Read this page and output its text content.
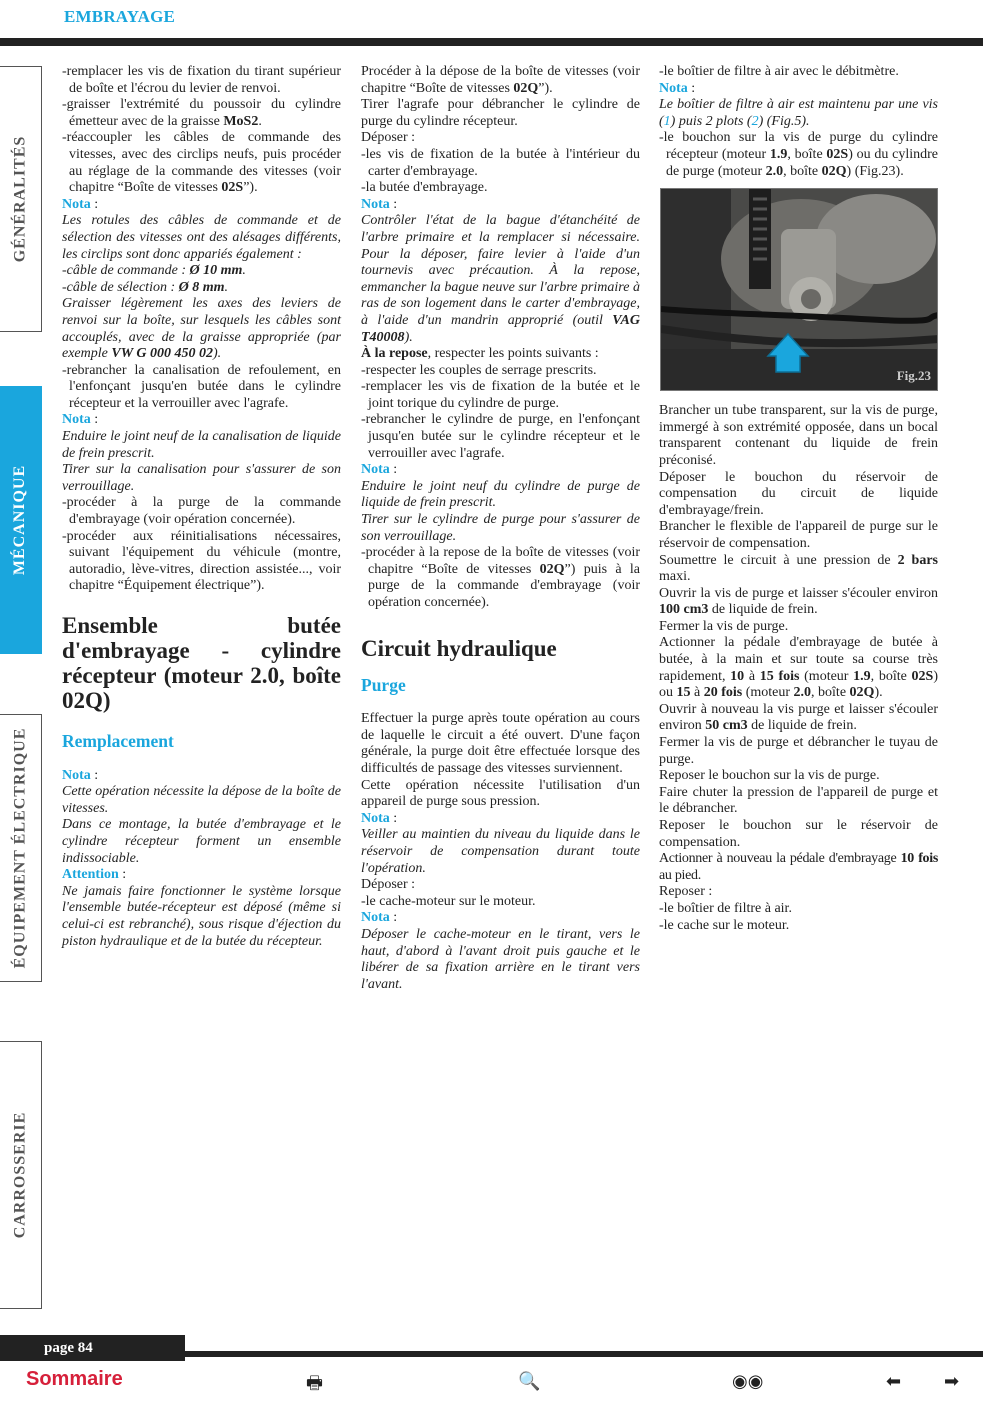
EMBRAYAGE
GÉNÉRALITÉS
MÉCANIQUE
ÉQUIPEMENT ÉLECTRIQUE
CARROSSERIE

-remplacer les vis de fixation du tirant supérieur de boîte et l'écrou du levier de renvoi.

-graisser l'extrémité du poussoir du cylindre émetteur avec de la graisse MoS2.

-réaccoupler les câbles de commande des vitesses, avec des circlips neufs, puis procéder au réglage de la commande des vitesses (voir chapitre “Boîte de vitesses 02S”).

Nota :

Les rotules des câbles de commande et de sélection des vitesses ont des alésages différents, les circlips sont donc appariés également :

-câble de commande : Ø 10 mm.

-câble de sélection : Ø 8 mm.

Graisser légèrement les axes des leviers de renvoi sur la boîte, sur lesquels les câbles sont accouplés, avec de la graisse appropriée (par exemple VW G 000 450 02).

-rebrancher la canalisation de refoulement, en l'enfonçant jusqu'en butée dans le cylindre récepteur et la verrouiller avec l'agrafe.

Nota :

Enduire le joint neuf de la canalisation de liquide de frein prescrit.

Tirer sur la canalisation pour s'assurer de son verrouillage.

-procéder à la purge de la commande d'embrayage (voir opération concernée).

-procéder aux réinitialisations nécessaires, suivant l'équipement du véhicule (montre, autoradio, lève-vitres, direction assistée..., voir chapitre “Équipement électrique”).

Ensemble butée d'embrayage - cylindre récepteur (moteur 2.0, boîte 02Q)
Remplacement

Nota :

Cette opération nécessite la dépose de la boîte de vitesses.

Dans ce montage, la butée d'embrayage et le cylindre récepteur forment un ensemble indissociable.

Attention :

Ne jamais faire fonctionner le système lorsque l'ensemble butée-récepteur est déposé (même si celui-ci est rebranché), sous risque d'éjection du piston hydraulique et de la butée du récepteur.

Procéder à la dépose de la boîte de vitesses (voir chapitre “Boîte de vitesses 02Q”).

Tirer l'agrafe pour débrancher le cylindre de purge du cylindre récepteur.

Déposer :

-les vis de fixation de la butée à l'intérieur du carter d'embrayage.

-la butée d'embrayage.

Nota :

Contrôler l'état de la bague d'étanchéité de l'arbre primaire et la remplacer si nécessaire. Pour la déposer, faire levier à l'aide d'un tournevis avec précaution. À la repose, emmancher la bague neuve sur l'arbre primaire à ras de son logement dans le carter d'embrayage, à l'aide d'un mandrin approprié (outil VAG T40008).

À la repose, respecter les points suivants :

-respecter les couples de serrage prescrits.

-remplacer les vis de fixation de la butée et le joint torique du cylindre de purge.

-rebrancher le cylindre de purge, en l'enfonçant jusqu'en butée sur le cylindre récepteur et le verrouiller avec l'agrafe.

Nota :

Enduire le joint neuf du cylindre de purge de liquide de frein prescrit.

Tirer sur le cylindre de purge pour s'assurer de son verrouillage.

-procéder à la repose de la boîte de vitesses (voir chapitre “Boîte de vitesses 02Q”) puis à la purge de la commande d'embrayage (voir opération concernée).

Circuit hydraulique
Purge

Effectuer la purge après toute opération au cours de laquelle le circuit a été ouvert. D'une façon générale, la purge doit être effectuée lorsque des difficultés de passage des vitesses surviennent.

Cette opération nécessite l'utilisation d'un appareil de purge sous pression.

Nota :

Veiller au maintien du niveau du liquide dans le réservoir de compensation durant toute l'opération.

Déposer :

-le cache-moteur sur le moteur.

Nota :

Déposer le cache-moteur en le tirant, vers le haut, d'abord à l'avant droit puis gauche et le libérer de sa fixation arrière en le tirant vers l'avant.

-le boîtier de filtre à air avec le débitmètre.

Nota :

Le boîtier de filtre à air est maintenu par une vis (1) puis 2 plots (2) (Fig.5).

-le bouchon sur la vis de purge du cylindre récepteur (moteur 1.9, boîte 02S) ou du cylindre de purge (moteur 2.0, boîte 02Q) (Fig.23).

Fig.23

Brancher un tube transparent, sur la vis de purge, immergé à son extrémité opposée, dans un bocal transparent contenant du liquide de frein préconisé.

Déposer le bouchon du réservoir de compensation du circuit de liquide d'embrayage/frein.

Brancher le flexible de l'appareil de purge sur le réservoir de compensation.

Soumettre le circuit à une pression de 2 bars maxi.

Ouvrir la vis de purge et laisser s'écouler environ 100 cm3 de liquide de frein.

Fermer la vis de purge.

Actionner la pédale d'embrayage de butée à butée, à la main et sur toute sa course très rapidement, 10 à 15 fois (moteur 1.9, boîte 02S) ou 15 à 20 fois (moteur 2.0, boîte 02Q).

Ouvrir à nouveau la vis purge et laisser s'écouler environ 50 cm3 de liquide de frein.

Fermer la vis de purge et débrancher le tuyau de purge.

Reposer le bouchon sur la vis de purge.

Faire chuter la pression de l'appareil de purge et le débrancher.

Reposer le bouchon sur le réservoir de compensation.

Actionner à nouveau la pédale d'embrayage 10 fois au pied.

Reposer :

-le boîtier de filtre à air.

-le cache sur le moteur.

page 84
Sommaire	🖶	🔍	◉◉	⬅ ➡
